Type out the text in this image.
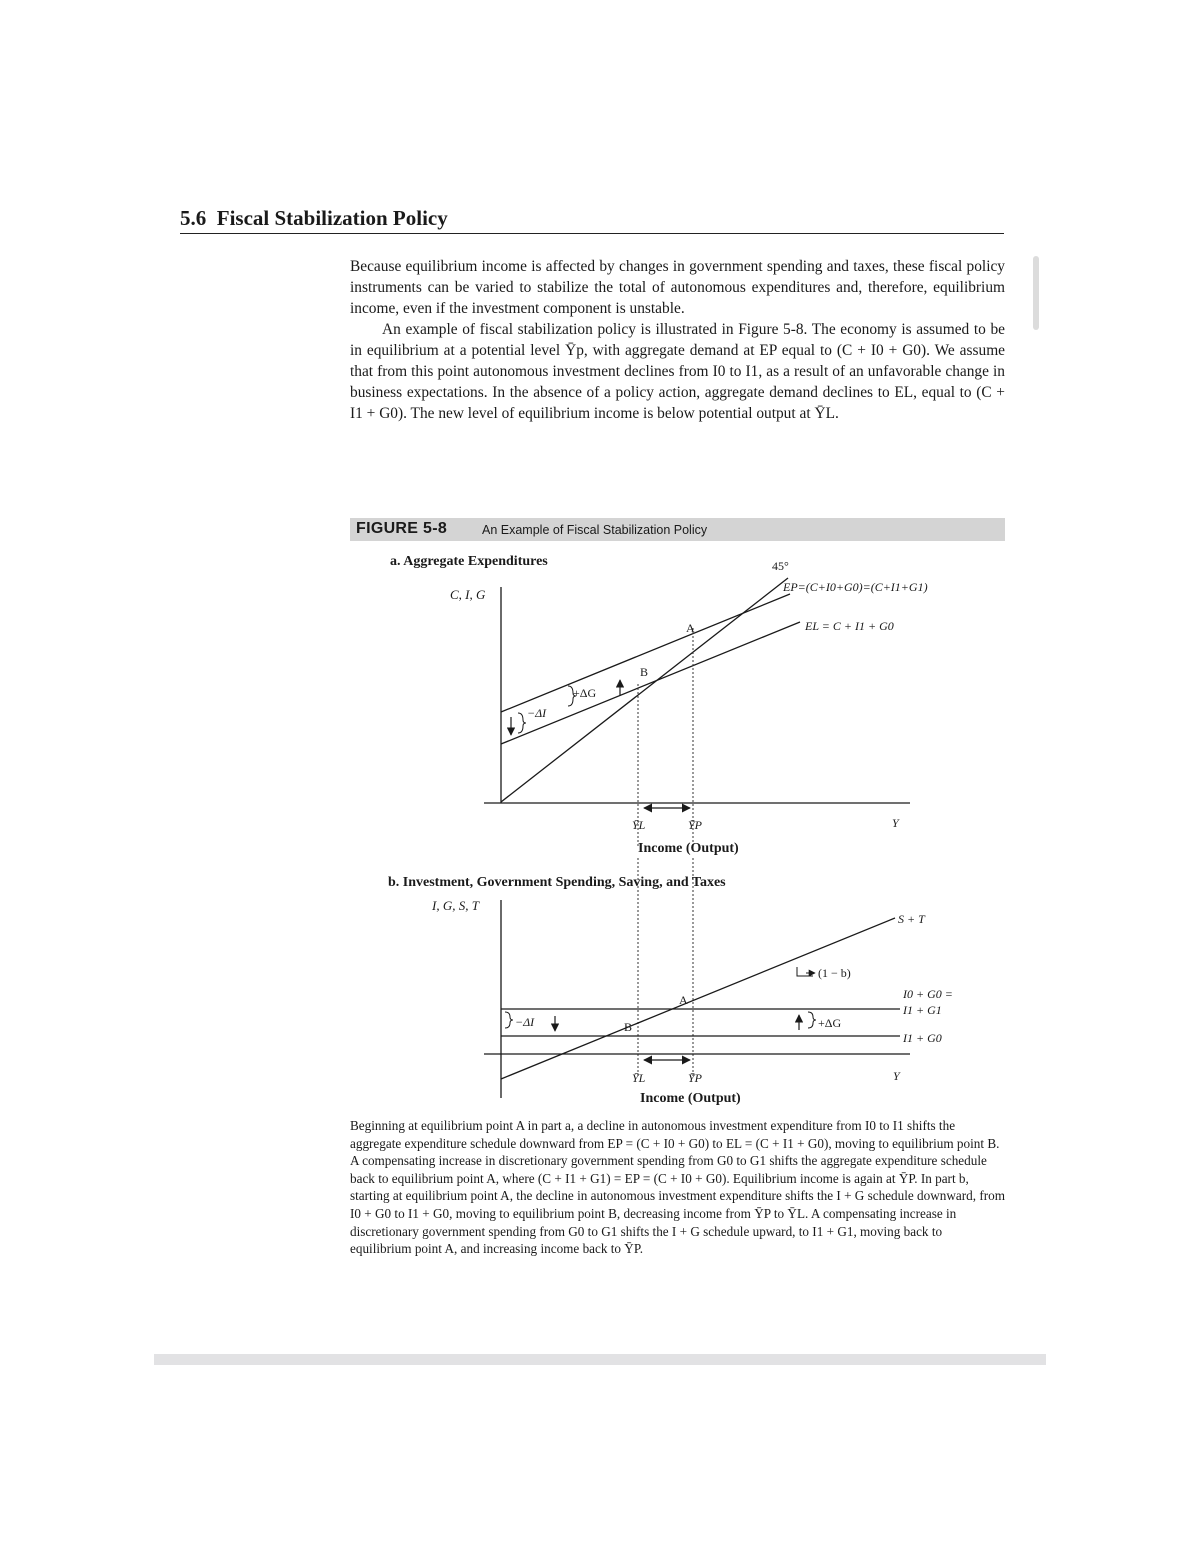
5.6 Fiscal Stabilization Policy

Because equilibrium income is affected by changes in government spending and taxes, these fiscal policy instruments can be varied to stabilize the total of autonomous expenditures and, therefore, equilibrium income, even if the investment component is unstable.

An example of fiscal stabilization policy is illustrated in Figure 5-8. The economy is assumed to be in equilibrium at a potential level Ȳp, with aggregate demand at EP equal to (C + I0 + G0). We assume that from this point autonomous investment declines from I0 to I1, as a result of an unfavorable change in business expectations. In the absence of a policy action, aggregate demand declines to EL, equal to (C + I1 + G0). The new level of equilibrium income is below potential output at ȲL.

FIGURE 5-8	An Example of Fiscal Stabilization Policy
a. Aggregate Expenditures
C, I, G
45°
EP=(C+I0+G0)=(C+I1+G1)
EL = C + I1 + G0
A
B
−ΔI
+ΔG
ȲL	ȲP	Y
Income (Output)
b. Investment, Government Spending, Saving, and Taxes
I, G, S, T
S + T
(1 − b)
I0 + G0 =
I1 + G1
I1 + G0
A
B
−ΔI	+ΔG
ȲL	ȲP	Y
Income (Output)

Beginning at equilibrium point A in part a, a decline in autonomous investment expenditure from I0 to I1 shifts the aggregate expenditure schedule downward from EP = (C + I0 + G0) to EL = (C + I1 + G0), moving to equilibrium point B. A compensating increase in discretionary government spending from G0 to G1 shifts the aggregate expenditure schedule back to equilibrium point A, where (C + I1 + G1) = EP = (C + I0 + G0). Equilibrium income is again at ȲP. In part b, starting at equilibrium point A, the decline in autonomous investment expenditure shifts the I + G schedule downward, from I0 + G0 to I1 + G0, moving to equilibrium point B, decreasing income from ȲP to ȲL. A compensating increase in discretionary government spending from G0 to G1 shifts the I + G schedule upward, to I1 + G1, moving back to equilibrium point A, and increasing income back to ȲP.
